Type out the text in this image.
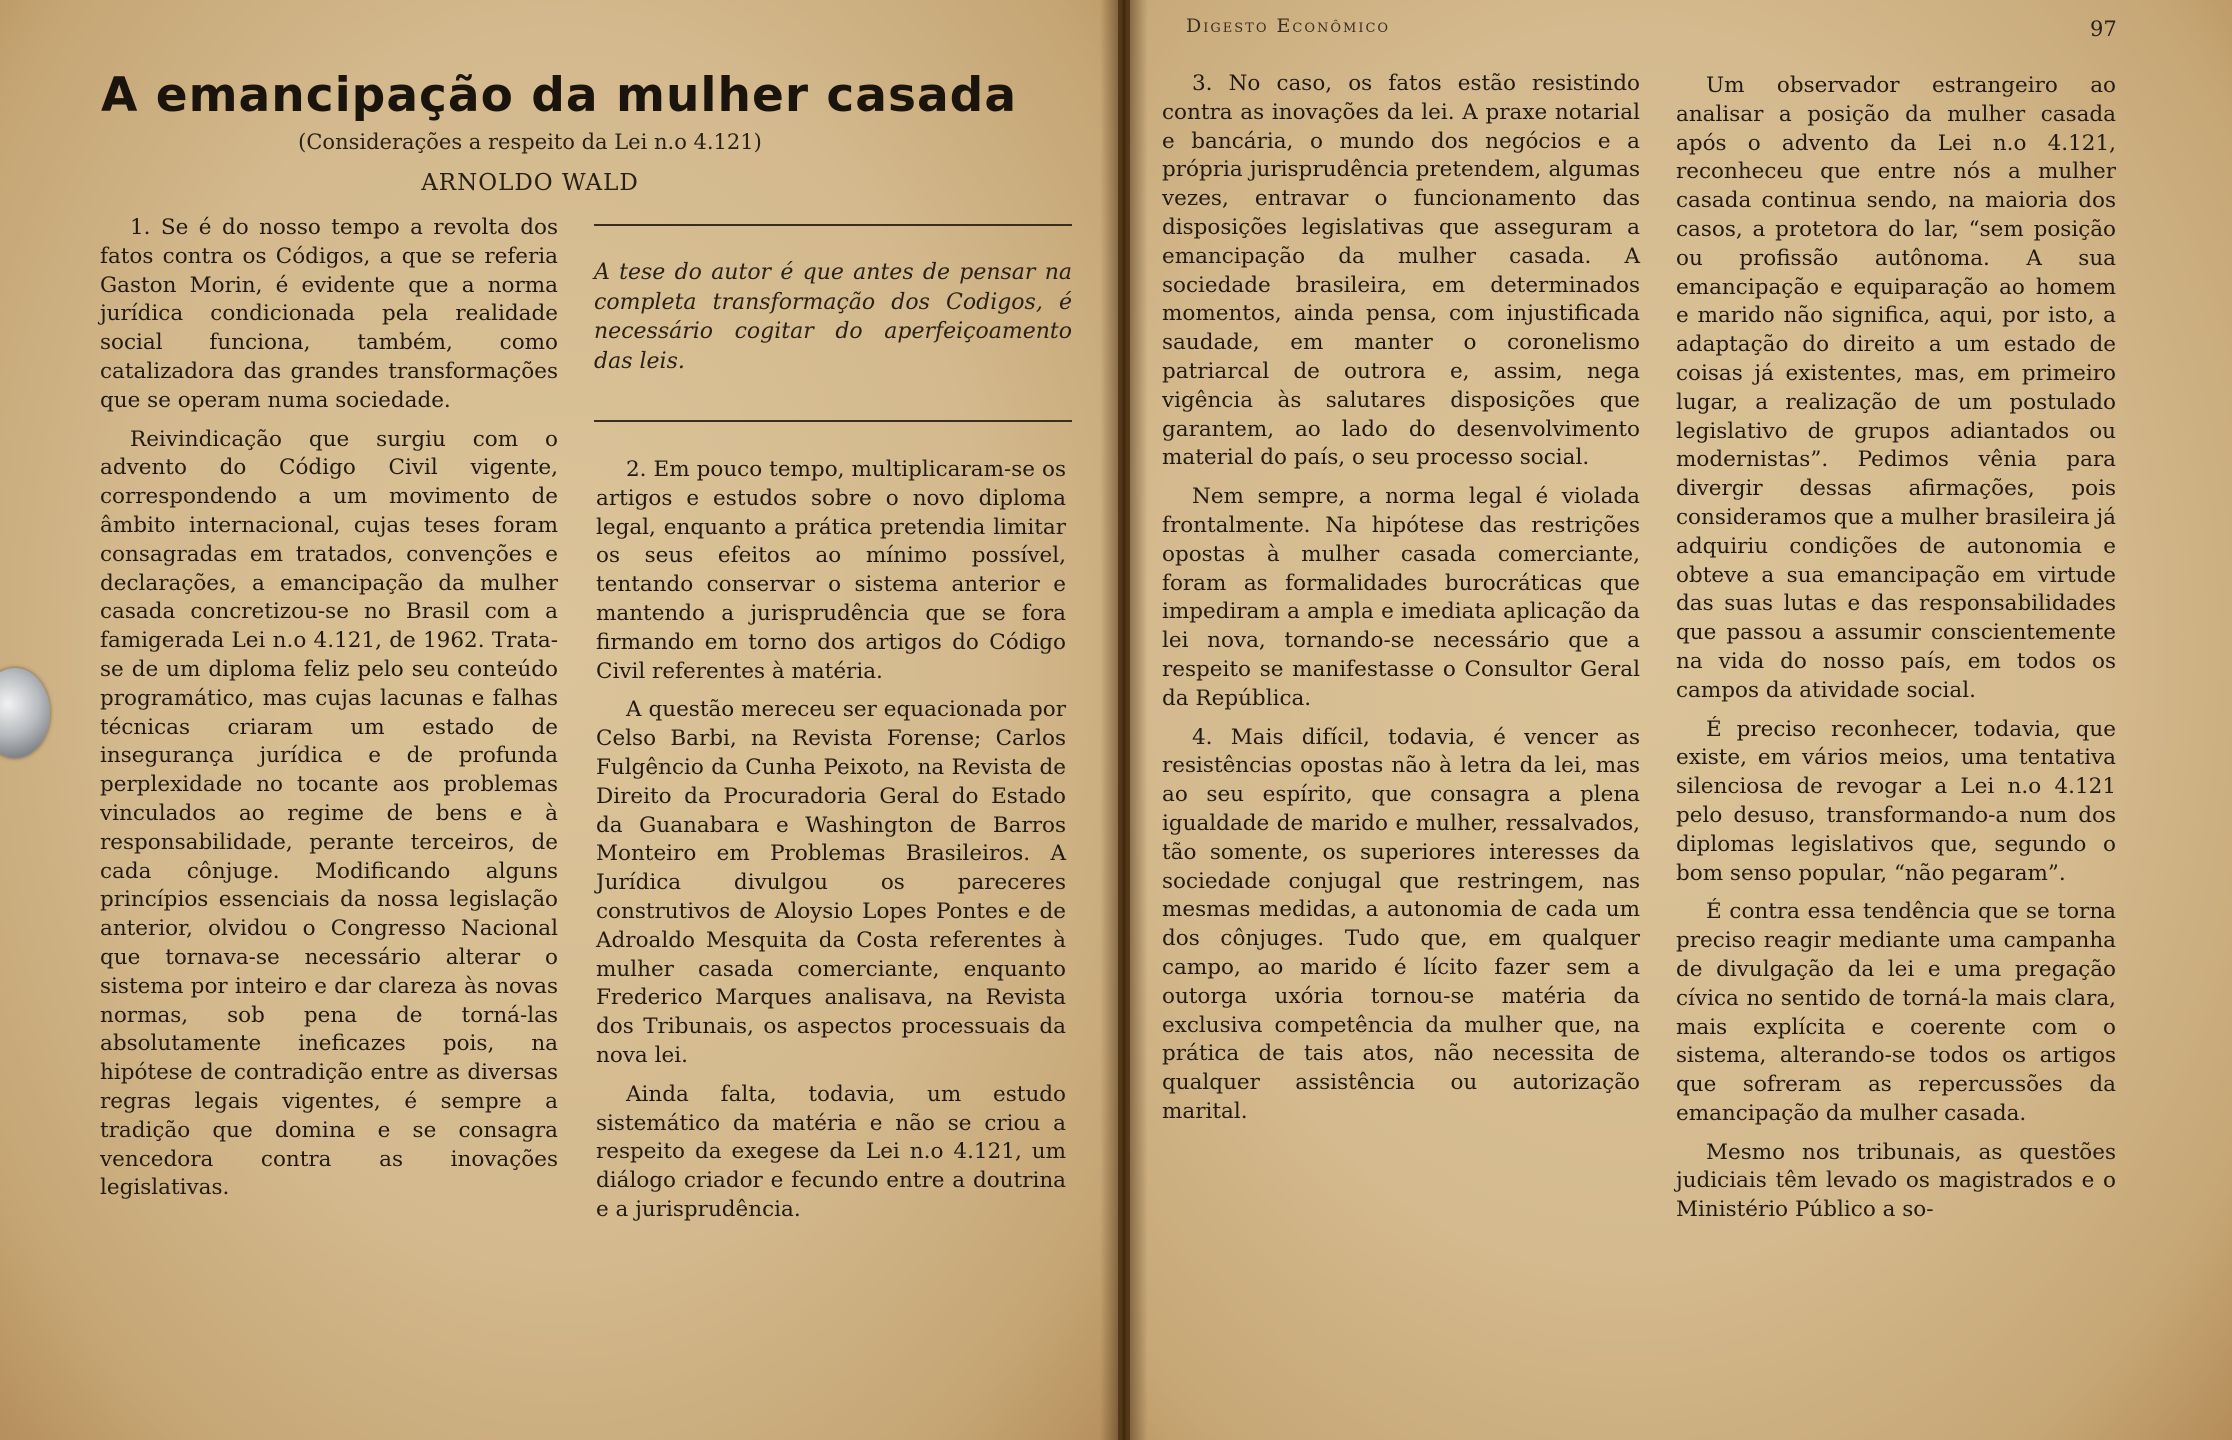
A emancipação da mulher casada

(Considerações a respeito da Lei n.o 4.121)

ARNOLDO WALD

1. Se é do nosso tempo a revolta dos fatos contra os Códigos, a que se referia Gaston Morin, é evidente que a norma jurídica condicionada pela realidade social funciona, também, como catalizadora das grandes transformações que se operam numa sociedade.

Reivindicação que surgiu com o advento do Código Civil vigente, correspondendo a um movimento de âmbito internacional, cujas teses foram consagradas em tratados, convenções e declarações, a emancipação da mulher casada concretizou-se no Brasil com a famigerada Lei n.o 4.121, de 1962. Trata-se de um diploma feliz pelo seu conteúdo programático, mas cujas lacunas e falhas técnicas criaram um estado de insegurança jurídica e de profunda perplexidade no tocante aos problemas vinculados ao regime de bens e à responsabilidade, perante terceiros, de cada cônjuge. Modificando alguns princípios essenciais da nossa legislação anterior, olvidou o Congresso Nacional que tornava-se necessário alterar o sistema por inteiro e dar clareza às novas normas, sob pena de torná-las absolutamente ineficazes pois, na hipótese de contradição entre as diversas regras legais vigentes, é sempre a tradição que domina e se consagra vencedora contra as inovações legislativas.

A tese do autor é que antes de pensar na completa transformação dos Codigos, é necessário cogitar do aperfeiçoamento das leis.

2. Em pouco tempo, multiplicaram-se os artigos e estudos sobre o novo diploma legal, enquanto a prática pretendia limitar os seus efeitos ao mínimo possível, tentando conservar o sistema anterior e mantendo a jurisprudência que se fora firmando em torno dos artigos do Código Civil referentes à matéria.

A questão mereceu ser equacionada por Celso Barbi, na Revista Forense; Carlos Fulgêncio da Cunha Peixoto, na Revista de Direito da Procuradoria Geral do Estado da Guanabara e Washington de Barros Monteiro em Problemas Brasileiros. A Jurídica divulgou os pareceres construtivos de Aloysio Lopes Pontes e de Adroaldo Mesquita da Costa referentes à mulher casada comerciante, enquanto Frederico Marques analisava, na Revista dos Tribunais, os aspectos processuais da nova lei.

Ainda falta, todavia, um estudo sistemático da matéria e não se criou a respeito da exegese da Lei n.o 4.121, um diálogo criador e fecundo entre a doutrina e a jurisprudência.

Digesto Econômico	97

3. No caso, os fatos estão resistindo contra as inovações da lei. A praxe notarial e bancária, o mundo dos negócios e a própria jurisprudência pretendem, algumas vezes, entravar o funcionamento das disposições legislativas que asseguram a emancipação da mulher casada. A sociedade brasileira, em determinados momentos, ainda pensa, com injustificada saudade, em manter o coronelismo patriarcal de outrora e, assim, nega vigência às salutares disposições que garantem, ao lado do desenvolvimento material do país, o seu processo social.

Nem sempre, a norma legal é violada frontalmente. Na hipótese das restrições opostas à mulher casada comerciante, foram as formalidades burocráticas que impediram a ampla e imediata aplicação da lei nova, tornando-se necessário que a respeito se manifestasse o Consultor Geral da República.

4. Mais difícil, todavia, é vencer as resistências opostas não à letra da lei, mas ao seu espírito, que consagra a plena igualdade de marido e mulher, ressalvados, tão somente, os superiores interesses da sociedade conjugal que restringem, nas mesmas medidas, a autonomia de cada um dos cônjuges. Tudo que, em qualquer campo, ao marido é lícito fazer sem a outorga uxória tornou-se matéria da exclusiva competência da mulher que, na prática de tais atos, não necessita de qualquer assistência ou autorização marital.

Um observador estrangeiro ao analisar a posição da mulher casada após o advento da Lei n.o 4.121, reconheceu que entre nós a mulher casada continua sendo, na maioria dos casos, a protetora do lar, “sem posição ou profissão autônoma. A sua emancipação e equiparação ao homem e marido não significa, aqui, por isto, a adaptação do direito a um estado de coisas já existentes, mas, em primeiro lugar, a realização de um postulado legislativo de grupos adiantados ou modernistas”. Pedimos vênia para divergir dessas afirmações, pois consideramos que a mulher brasileira já adquiriu condições de autonomia e obteve a sua emancipação em virtude das suas lutas e das responsabilidades que passou a assumir conscientemente na vida do nosso país, em todos os campos da atividade social.

É preciso reconhecer, todavia, que existe, em vários meios, uma tentativa silenciosa de revogar a Lei n.o 4.121 pelo desuso, transformando-a num dos diplomas legislativos que, segundo o bom senso popular, “não pegaram”.

É contra essa tendência que se torna preciso reagir mediante uma campanha de divulgação da lei e uma pregação cívica no sentido de torná-la mais clara, mais explícita e coerente com o sistema, alterando-se todos os artigos que sofreram as repercussões da emancipação da mulher casada.

Mesmo nos tribunais, as questões judiciais têm levado os magistrados e o Ministério Público a so-
